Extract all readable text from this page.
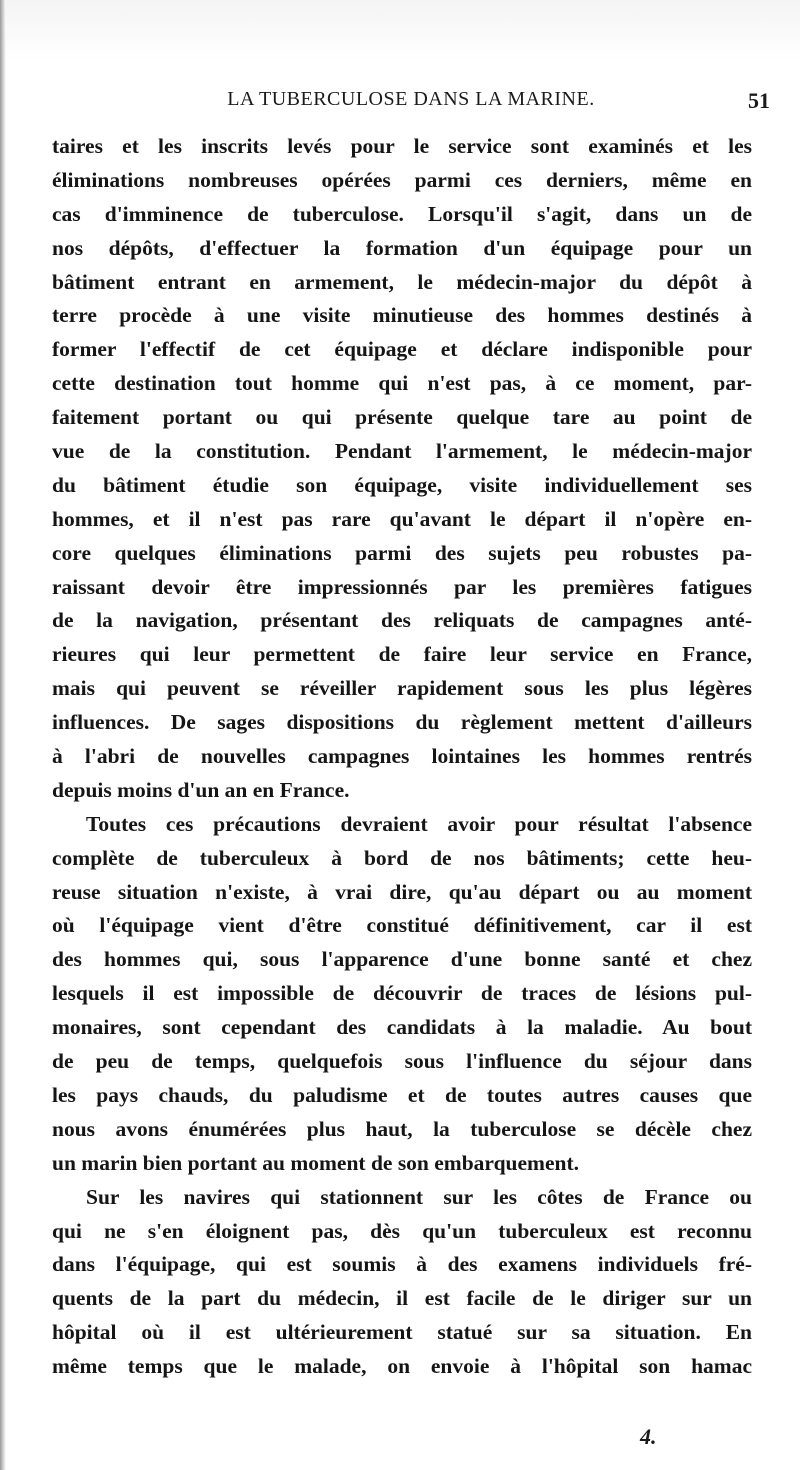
LA TUBERCULOSE DANS LA MARINE.	51
taires et les inscrits levés pour le service sont examinés et les
éliminations nombreuses opérées parmi ces derniers, même en
cas d'imminence de tuberculose. Lorsqu'il s'agit, dans un de
nos dépôts, d'effectuer la formation d'un équipage pour un
bâtiment entrant en armement, le médecin-major du dépôt à
terre procède à une visite minutieuse des hommes destinés à
former l'effectif de cet équipage et déclare indisponible pour
cette destination tout homme qui n'est pas, à ce moment, par-
faitement portant ou qui présente quelque tare au point de
vue de la constitution. Pendant l'armement, le médecin-major
du bâtiment étudie son équipage, visite individuellement ses
hommes, et il n'est pas rare qu'avant le départ il n'opère en-
core quelques éliminations parmi des sujets peu robustes pa-
raissant devoir être impressionnés par les premières fatigues
de la navigation, présentant des reliquats de campagnes anté-
rieures qui leur permettent de faire leur service en France,
mais qui peuvent se réveiller rapidement sous les plus légères
influences. De sages dispositions du règlement mettent d'ailleurs
à l'abri de nouvelles campagnes lointaines les hommes rentrés
depuis moins d'un an en France.
Toutes ces précautions devraient avoir pour résultat l'absence
complète de tuberculeux à bord de nos bâtiments; cette heu-
reuse situation n'existe, à vrai dire, qu'au départ ou au moment
où l'équipage vient d'être constitué définitivement, car il est
des hommes qui, sous l'apparence d'une bonne santé et chez
lesquels il est impossible de découvrir de traces de lésions pul-
monaires, sont cependant des candidats à la maladie. Au bout
de peu de temps, quelquefois sous l'influence du séjour dans
les pays chauds, du paludisme et de toutes autres causes que
nous avons énumérées plus haut, la tuberculose se décèle chez
un marin bien portant au moment de son embarquement.
Sur les navires qui stationnent sur les côtes de France ou
qui ne s'en éloignent pas, dès qu'un tuberculeux est reconnu
dans l'équipage, qui est soumis à des examens individuels fré-
quents de la part du médecin, il est facile de le diriger sur un
hôpital où il est ultérieurement statué sur sa situation. En
même temps que le malade, on envoie à l'hôpital son hamac
4.
